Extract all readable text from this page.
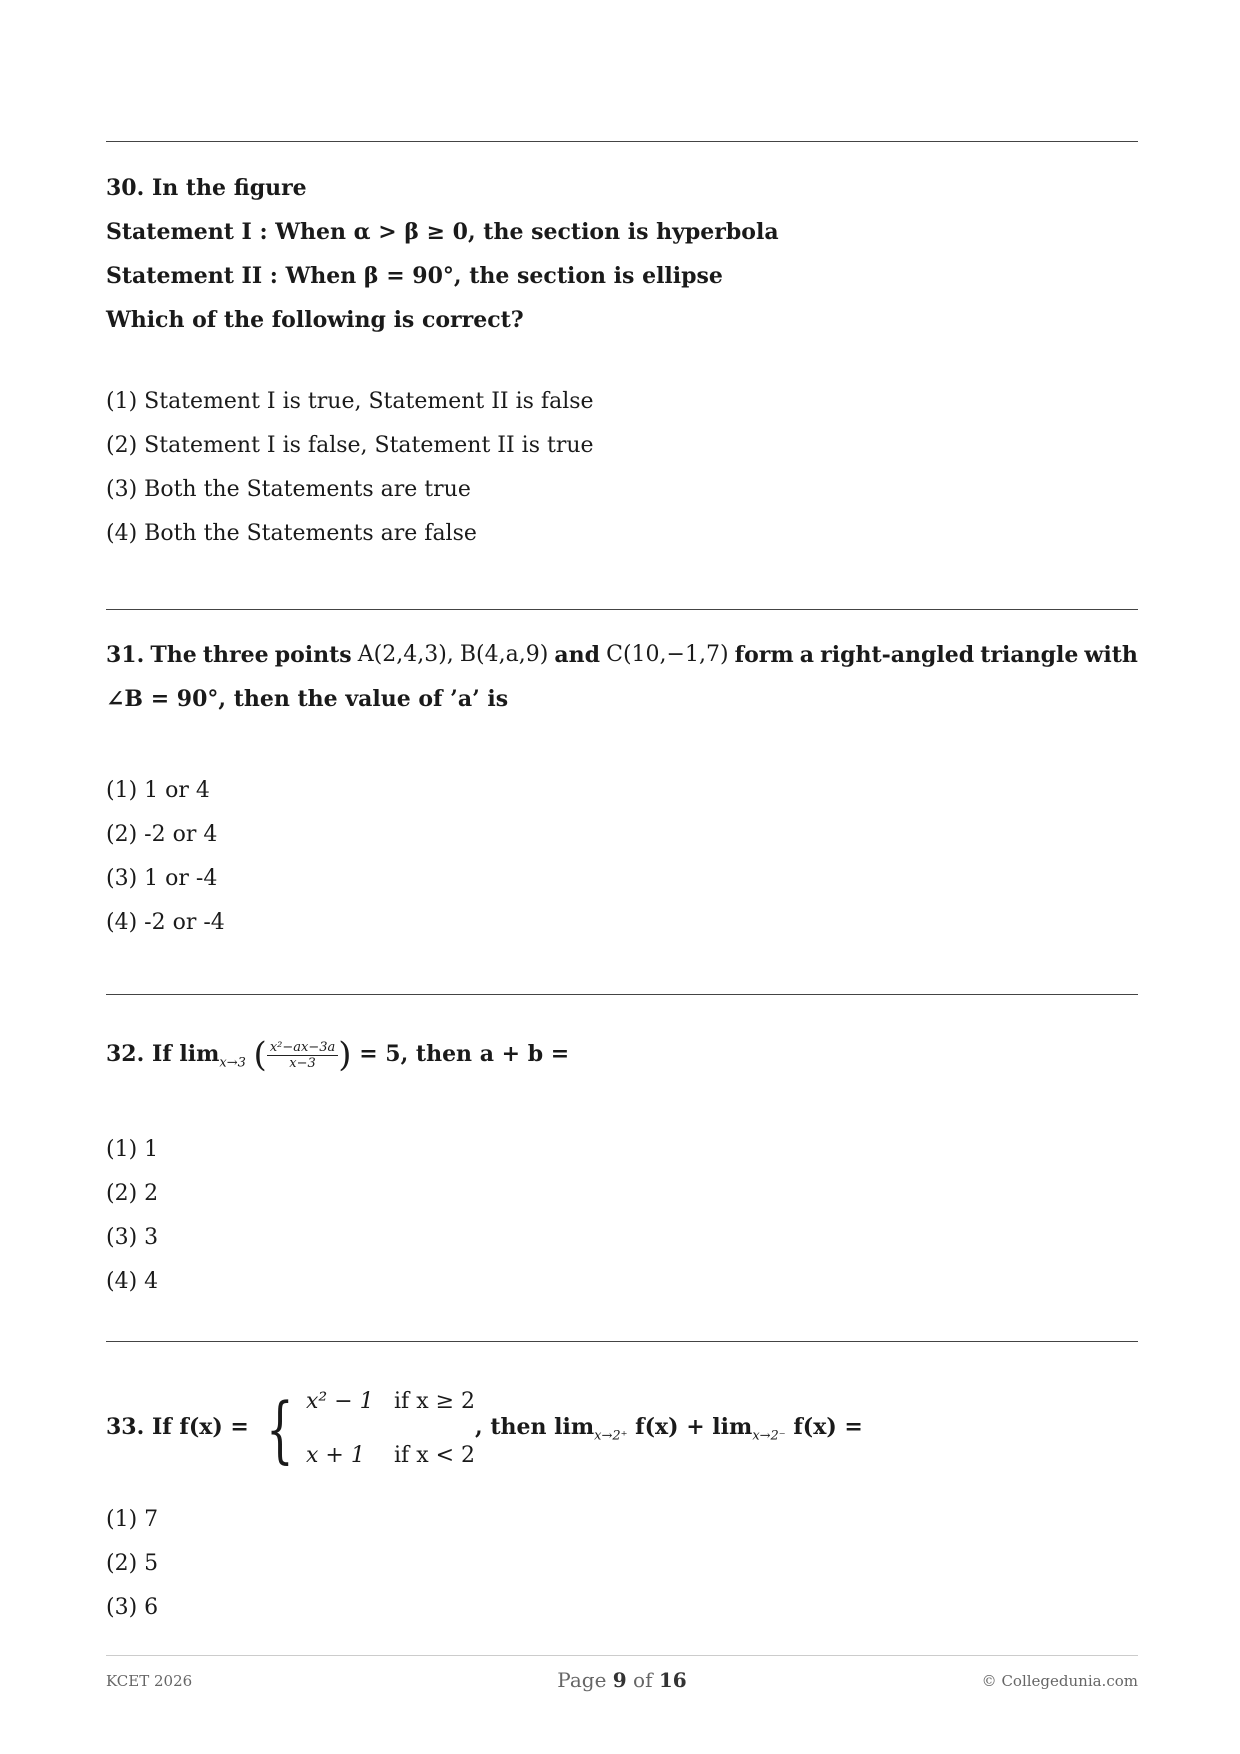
30. In the figure
Statement I : When α > β ≥ 0, the section is hyperbola
Statement II : When β = 90°, the section is ellipse
Which of the following is correct?
(1) Statement I is true, Statement II is false
(2) Statement I is false, Statement II is true
(3) Both the Statements are true
(4) Both the Statements are false
31. The three points A(2,4,3), B(4,a,9) and C(10,−1,7) form a right-angled triangle with
∠B = 90°, then the value of ’a’ is
(1) 1 or 4
(2) -2 or 4
(3) 1 or -4
(4) -2 or -4
32. If $\lim_{x\to 3}$ ( $\frac{\text{x²−ax−3a}}{x-3}$ ) = 5, then a + b =
(1) 1
(2) 2
(3) 3
(4) 4
33. If f(x) = { x² − 1 if x ≥ 2
x + 1 if x < 2
, then $\lim_{x\to 2^+} f(x) + \lim_{x\to 2^-} f(x)$ =
(1) 7
(2) 5
(3) 6
KCET 2026	Page 9 of 16	© Collegedunia.com
